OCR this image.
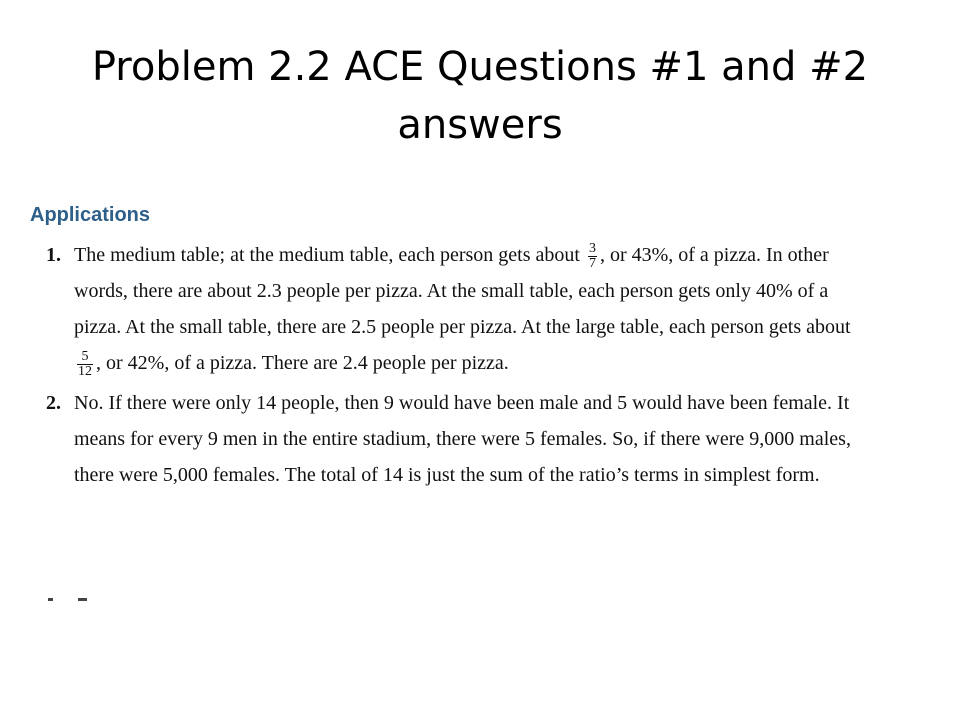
Problem 2.2 ACE Questions #1 and #2
answers
Applications
1. The medium table; at the medium table, each person gets about $\frac{3}{7}$ , or 43%, of a pizza. In other words, there are about 2.3 people per pizza. At the small table, each person gets only 40% of a pizza. At the small table, there are 2.5 people per pizza. At the large table, each person gets about
$\frac{5}{12}$ , or 42%, of a pizza. There are 2.4 people per pizza.
2. No. If there were only 14 people, then 9 would have been male and 5 would have been female. It means for every 9 men in the entire stadium, there were 5 females. So, if there were 9,000 males, there were 5,000 females. The total of 14 is just the sum of the ratio’s terms in simplest form.
